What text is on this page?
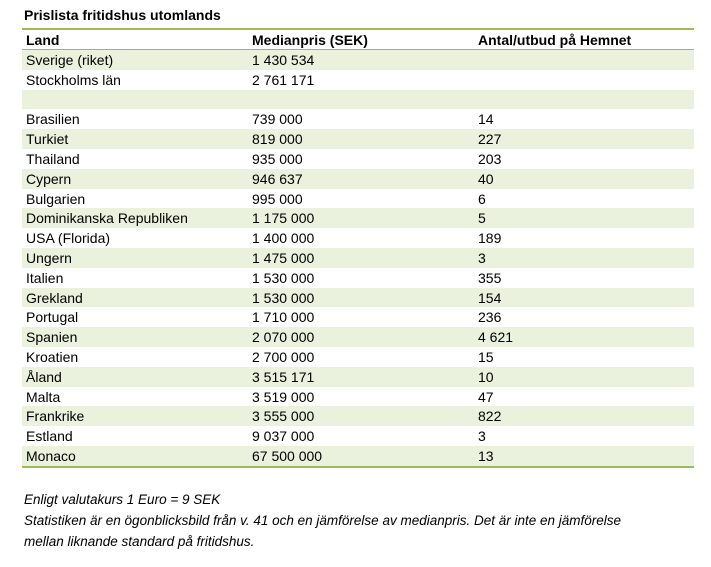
Prislista fritidshus utomlands
Land	Medianpris (SEK)	Antal/utbud på Hemnet
Sverige (riket)	1 430 534
Stockholms län	2 761 171
Brasilien	739 000	14
Turkiet	819 000	227
Thailand	935 000	203
Cypern	946 637	40
Bulgarien	995 000	6
Dominikanska Republiken	1 175 000	5
USA (Florida)	1 400 000	189
Ungern	1 475 000	3
Italien	1 530 000	355
Grekland	1 530 000	154
Portugal	1 710 000	236
Spanien	2 070 000	4 621
Kroatien	2 700 000	15
Åland	3 515 171	10
Malta	3 519 000	47
Frankrike	3 555 000	822
Estland	9 037 000	3
Monaco	67 500 000	13

Enligt valutakurs 1 Euro = 9 SEK

Statistiken är en ögonblicksbild från v. 41 och en jämförelse av medianpris. Det är inte en jämförelse

mellan liknande standard på fritidshus.
